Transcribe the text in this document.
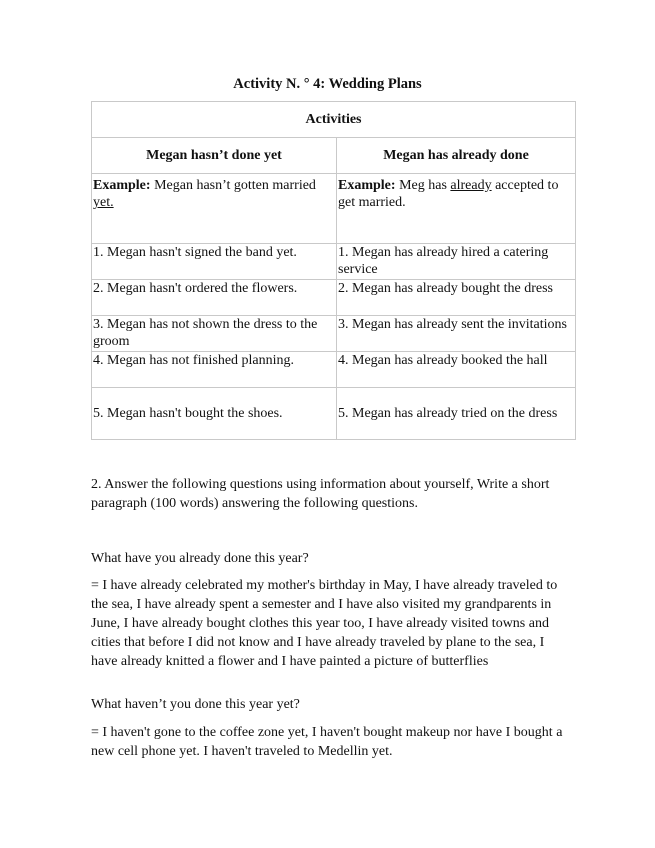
Activity N. ° 4: Wedding Plans
Activities	
Megan hasn’t done yet	Megan has already done
Example: Megan hasn’t gotten married yet.	Example: Meg has already accepted to get married.
1. Megan hasn't signed the band yet.	1. Megan has already hired a catering service
2. Megan hasn't ordered the flowers.	2. Megan has already bought the dress
3. Megan has not shown the dress to the groom	3. Megan has already sent the invitations
4. Megan has not finished planning.	4. Megan has already booked the hall
5. Megan hasn't bought the shoes.	5. Megan has already tried on the dress
2. Answer the following questions using information about yourself, Write a short paragraph (100 words) answering the following questions.
What have you already done this year?
= I have already celebrated my mother's birthday in May, I have already traveled to the sea, I have already spent a semester and I have also visited my grandparents in June, I have already bought clothes this year too, I have already visited towns and cities that before I did not know and I have already traveled by plane to the sea, I have already knitted a flower and I have painted a picture of butterflies
What haven’t you done this year yet?
= I haven't gone to the coffee zone yet, I haven't bought makeup nor have I bought a new cell phone yet. I haven't traveled to Medellin yet.
